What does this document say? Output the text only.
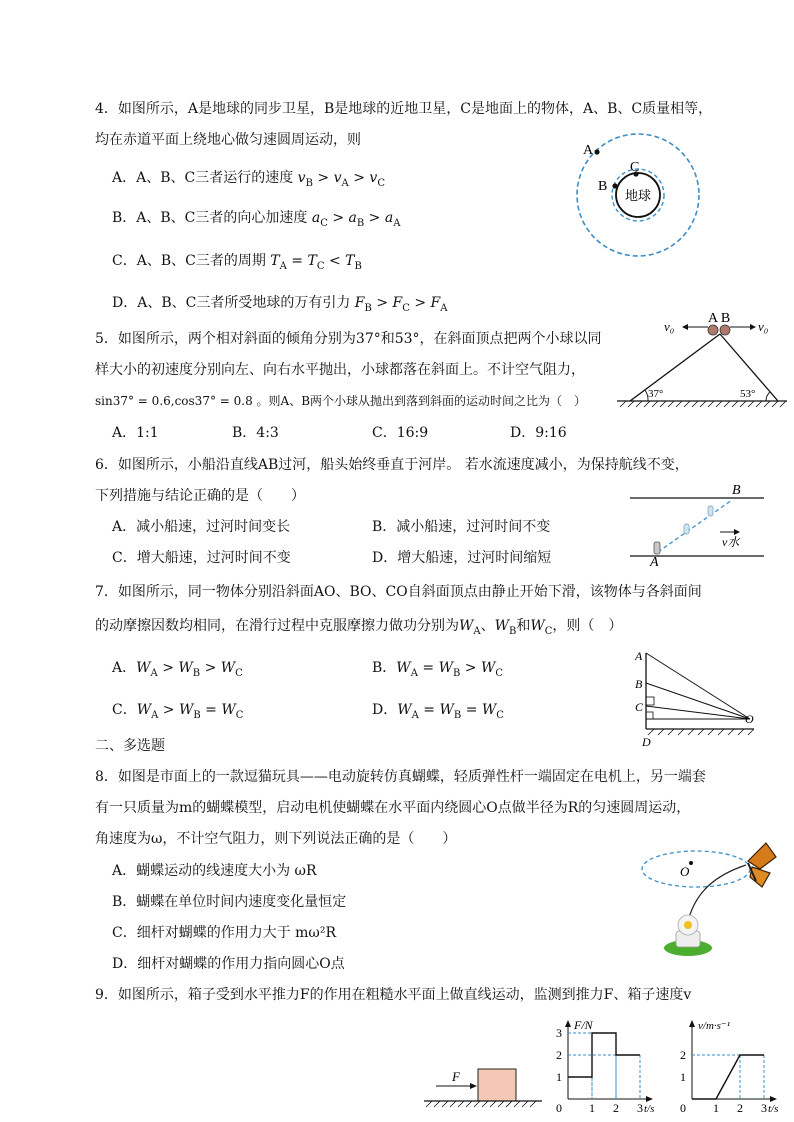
4．如图所示，A是地球的同步卫星，B是地球的近地卫星，C是地面上的物体，A、B、C质量相等，
均在赤道平面上绕地心做匀速圆周运动，则
A．A、B、C三者运行的速度 $v_B > v_A > v_C$
B．A、B、C三者的向心加速度 $a_C > a_B > a_A$
C．A、B、C三者的周期 $T_A = T_C < T_B$
D．A、B、C三者所受地球的万有引力 $F_B > F_C > F_A$
A
B
C
地球
5．如图所示，两个相对斜面的倾角分别为37°和53°，在斜面顶点把两个小球以同
样大小的初速度分别向左、向右水平抛出，小球都落在斜面上。不计空气阻力，
sin37° = 0.6,cos37° = 0.8 。则A、B两个小球从抛出到落到斜面的运动时间之比为（　）
A．1:1	B．4:3	C．16:9	D．9:16
A B
v₀	v₀
37°	53°
6．如图所示，小船沿直线AB过河，船头始终垂直于河岸。 若水流速度减小，为保持航线不变，
下列措施与结论正确的是（　　）
A．减小船速，过河时间变长	B．减小船速，过河时间不变
C．增大船速，过河时间不变	D．增大船速，过河时间缩短
B
A
v水
7．如图所示，同一物体分别沿斜面AO、BO、CO自斜面顶点由静止开始下滑，该物体与各斜面间
的动摩擦因数均相同，在滑行过程中克服摩擦力做功分别为$W_A$、$W_B$和$W_C$，则（　）
A．$W_A > W_B > W_C$	B．$W_A = W_B > W_C$
C．$W_A > W_B = W_C$	D．$W_A = W_B = W_C$
A
B
C
D
O
二、多选题
8．如图是市面上的一款逗猫玩具——电动旋转仿真蝴蝶，轻质弹性杆一端固定在电机上，另一端套
有一只质量为m的蝴蝶模型，启动电机使蝴蝶在水平面内绕圆心O点做半径为R的匀速圆周运动，
角速度为ω，不计空气阻力，则下列说法正确的是（　　）
A．蝴蝶运动的线速度大小为 ωR
B．蝴蝶在单位时间内速度变化量恒定
C．细杆对蝴蝶的作用力大于 mω²R
D．细杆对蝴蝶的作用力指向圆心O点
O
9．如图所示，箱子受到水平推力F的作用在粗糙水平面上做直线运动，监测到推力F、箱子速度v
F
F/N
t/s
1
2
3
0 1 2 3
v/m·s⁻¹
t/s
1
2
0 1 2 3
